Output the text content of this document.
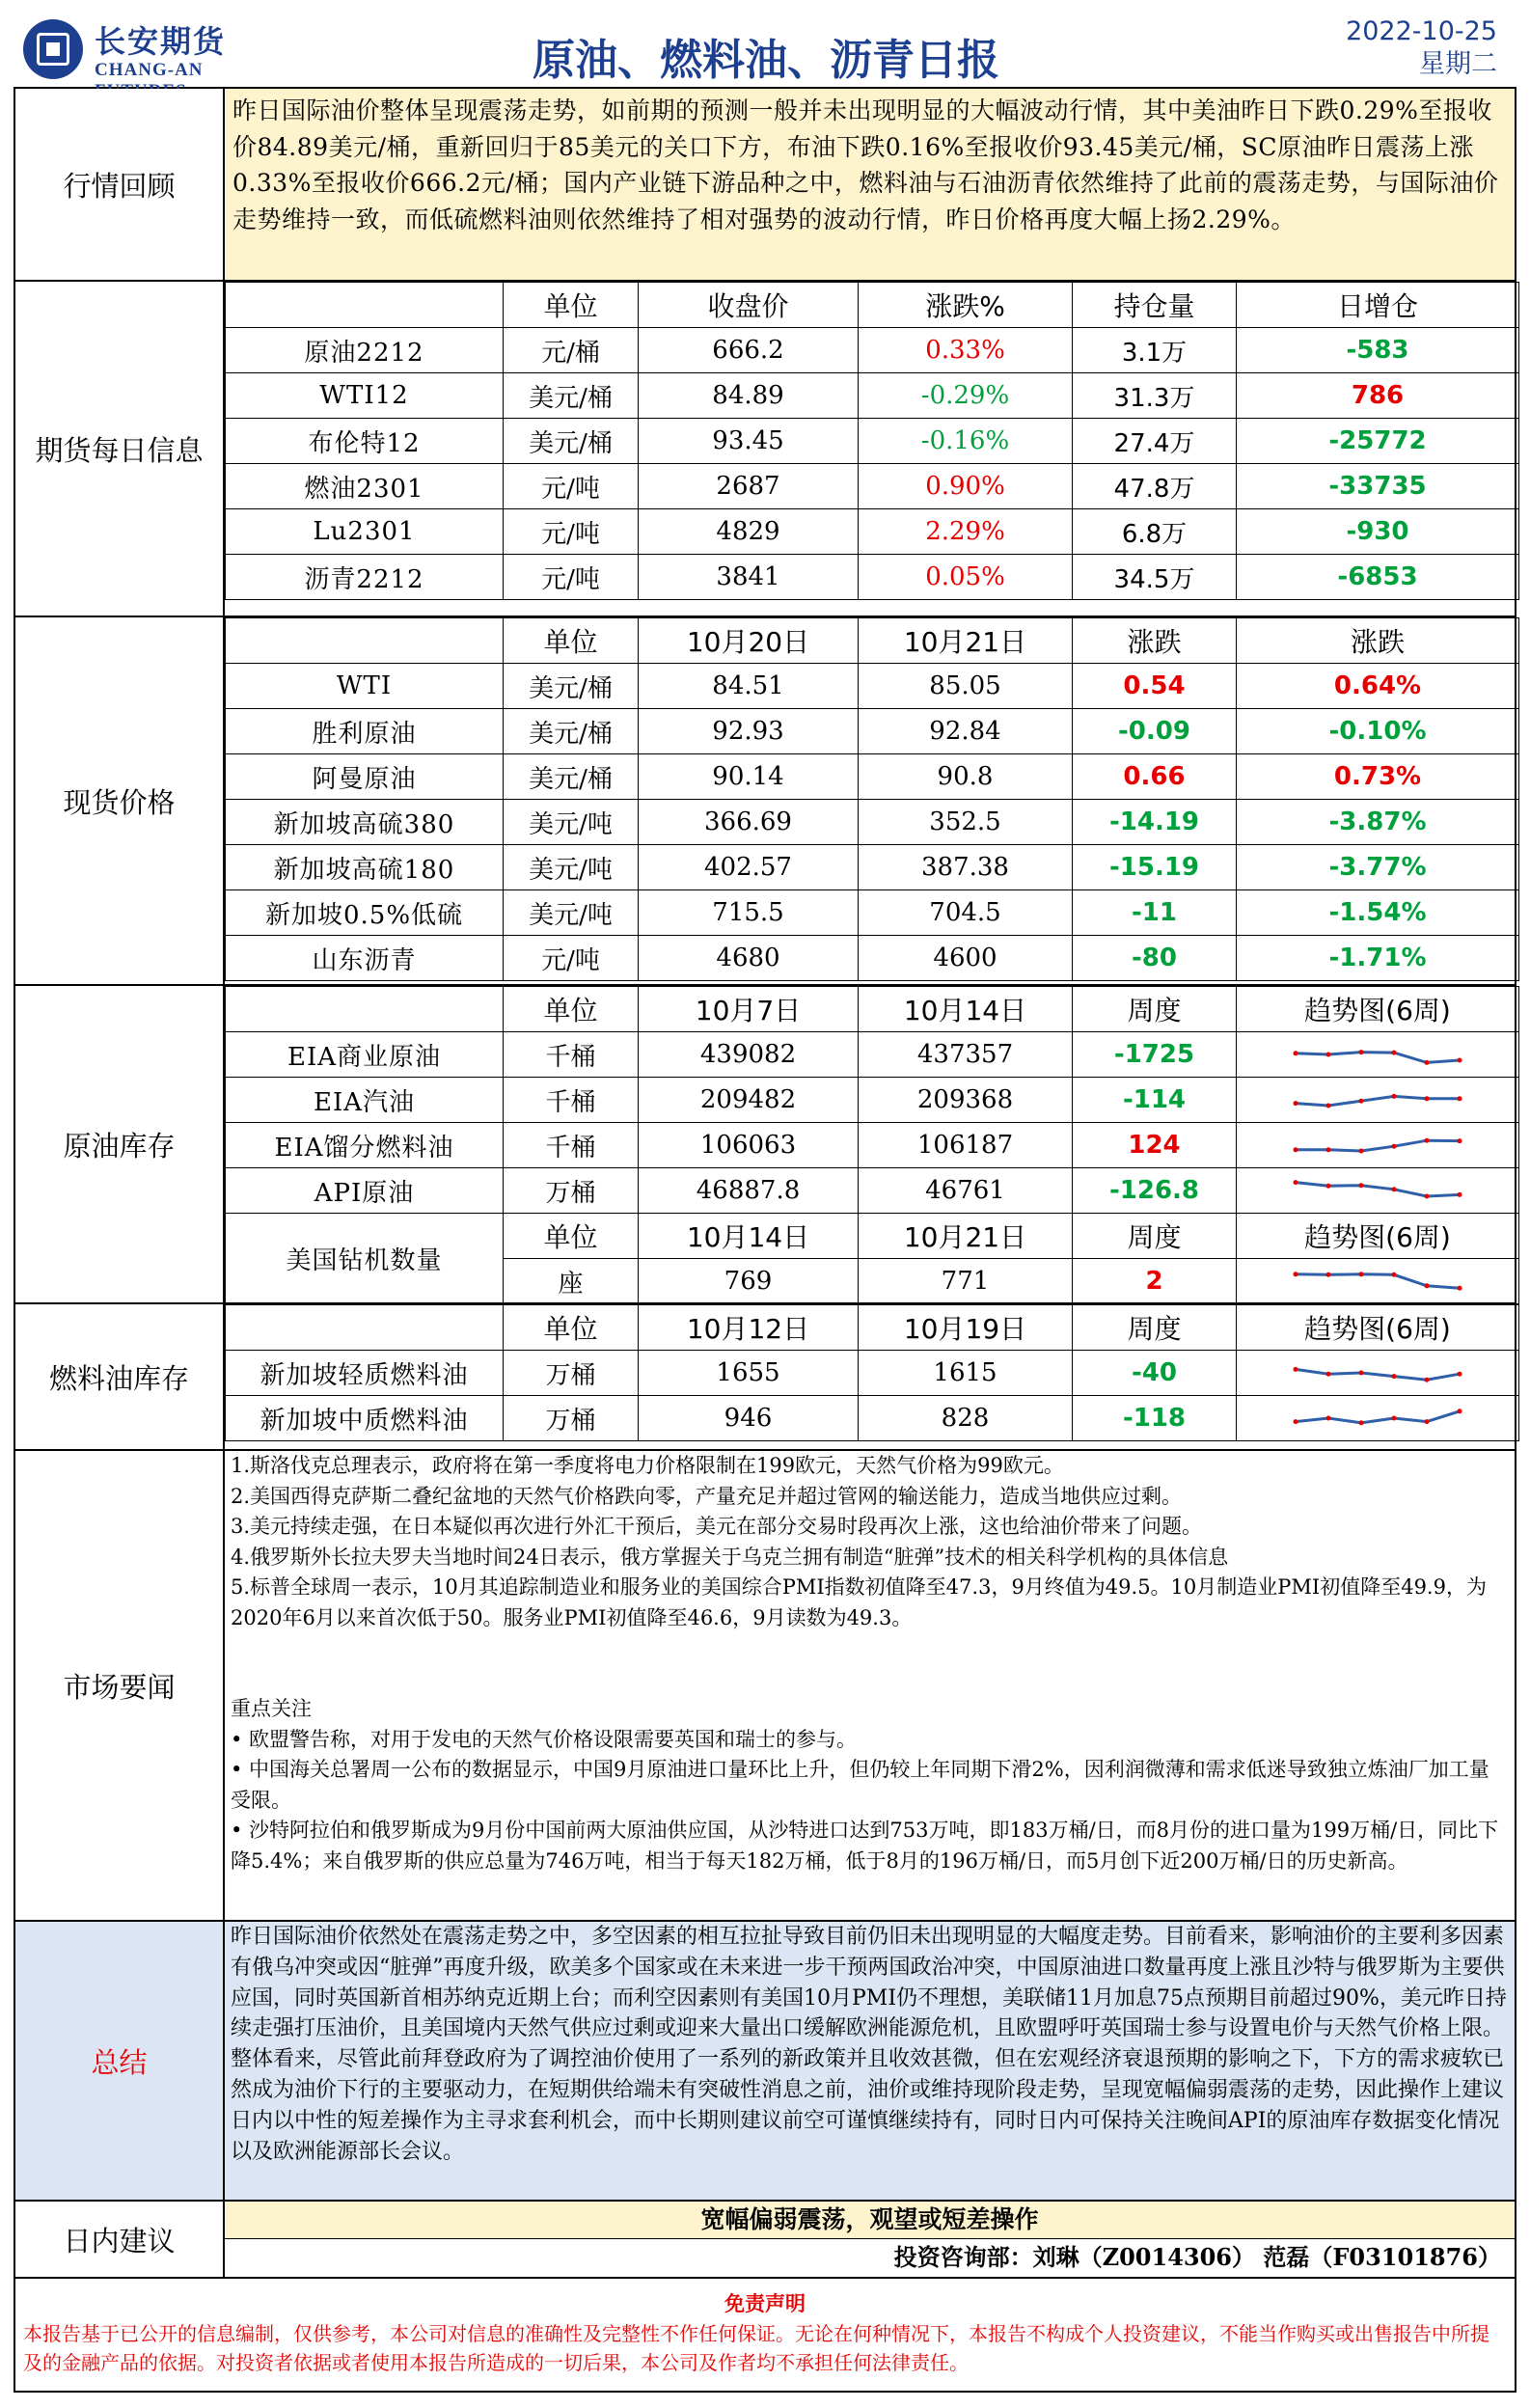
长安期货
CHANG-AN	原油、燃料油、沥青日报
2022-10-25
星期二
行情回顾
昨日国际油价整体呈现震荡走势，如前期的预测一般并未出现明显的大幅波动行情，其中美油昨日下跌0.29%至报收价84.89美元/桶，重新回归于85美元的关口下方，布油下跌0.16%至报收价93.45美元/桶，SC原油昨日震荡上涨0.33%至报收价666.2元/桶；国内产业链下游品种之中，燃料油与石油沥青依然维持了此前的震荡走势，与国际油价走势维持一致，而低硫燃料油则依然维持了相对强势的波动行情，昨日价格再度大幅上扬2.29%。
期货每日信息
	单位	收盘价	涨跌%	持仓量	日增仓
原油2212	元/桶	666.2	0.33%	3.1万	-583
WTI12	美元/桶	84.89	-0.29%	31.3万	786
布伦特12	美元/桶	93.45	-0.16%	27.4万	-25772
燃油2301	元/吨	2687	0.90%	47.8万	-33735
Lu2301	元/吨	4829	2.29%	6.8万	-930
沥青2212	元/吨	3841	0.05%	34.5万	-6853
现货价格
	单位	10月20日	10月21日	涨跌	涨跌
WTI	美元/桶	84.51	85.05	0.54	0.64%
胜利原油	美元/桶	92.93	92.84	-0.09	-0.10%
阿曼原油	美元/桶	90.14	90.8	0.66	0.73%
新加坡高硫380	美元/吨	366.69	352.5	-14.19	-3.87%
新加坡高硫180	美元/吨	402.57	387.38	-15.19	-3.77%
新加坡0.5%低硫	美元/吨	715.5	704.5	-11	-1.54%
山东沥青	元/吨	4680	4600	-80	-1.71%
原油库存
	单位	10月7日	10月14日	周度	趋势图(6周)
EIA商业原油	千桶	439082	437357	-1725	

EIA汽油	千桶	209482	209368	-114	

EIA馏分燃料油	千桶	106063	106187	124	

API原油	万桶	46887.8	46761	-126.8	

美国钻机数量	单位	10月14日	10月21日	周度	趋势图(6周)
	座	769	771	2	
燃料油库存
	单位	10月12日	10月19日	周度	趋势图(6周)
新加坡轻质燃料油	万桶	1655	1615	-40	

新加坡中质燃料油	万桶	946	828	-118	
市场要闻

1.斯洛伐克总理表示，政府将在第一季度将电力价格限制在199欧元，天然气价格为99欧元。

2.美国西得克萨斯二叠纪盆地的天然气价格跌向零，产量充足并超过管网的输送能力，造成当地供应过剩。

3.美元持续走强，在日本疑似再次进行外汇干预后，美元在部分交易时段再次上涨，这也给油价带来了问题。

4.俄罗斯外长拉夫罗夫当地时间24日表示，俄方掌握关于乌克兰拥有制造“脏弹”技术的相关科学机构的具体信息

5.标普全球周一表示，10月其追踪制造业和服务业的美国综合PMI指数初值降至47.3，9月终值为49.5。10月制造业PMI初值降至49.9，为2020年6月以来首次低于50。服务业PMI初值降至46.6，9月读数为49.3。

重点关注

• 欧盟警告称，对用于发电的天然气价格设限需要英国和瑞士的参与。

• 中国海关总署周一公布的数据显示，中国9月原油进口量环比上升，但仍较上年同期下滑2%，因利润微薄和需求低迷导致独立炼油厂加工量受限。

• 沙特阿拉伯和俄罗斯成为9月份中国前两大原油供应国，从沙特进口达到753万吨，即183万桶/日，而8月份的进口量为199万桶/日，同比下降5.4%；来自俄罗斯的供应总量为746万吨，相当于每天182万桶，低于8月的196万桶/日，而5月创下近200万桶/日的历史新高。

总结
昨日国际油价依然处在震荡走势之中，多空因素的相互拉扯导致目前仍旧未出现明显的大幅度走势。目前看来，影响油价的主要利多因素有俄乌冲突或因“脏弹”再度升级，欧美多个国家或在未来进一步干预两国政治冲突，中国原油进口数量再度上涨且沙特与俄罗斯为主要供应国，同时英国新首相苏纳克近期上台；而利空因素则有美国10月PMI仍不理想，美联储11月加息75点预期目前超过90%，美元昨日持续走强打压油价，且美国境内天然气供应过剩或迎来大量出口缓解欧洲能源危机，且欧盟呼吁英国瑞士参与设置电价与天然气价格上限。整体看来，尽管此前拜登政府为了调控油价使用了一系列的新政策并且收效甚微，但在宏观经济衰退预期的影响之下，下方的需求疲软已然成为油价下行的主要驱动力，在短期供给端未有突破性消息之前，油价或维持现阶段走势，呈现宽幅偏弱震荡的走势，因此操作上建议日内以中性的短差操作为主寻求套利机会，而中长期则建议前空可谨慎继续持有，同时日内可保持关注晚间API的原油库存数据变化情况以及欧洲能源部长会议。
日内建议
宽幅偏弱震荡，观望或短差操作
投资咨询部：刘琳（Z0014306） 范磊（F03101876）
免责声明
本报告基于已公开的信息编制，仅供参考，本公司对信息的准确性及完整性不作任何保证。无论在何种情况下，本报告不构成个人投资建议，不能当作购买或出售报告中所提及的金融产品的依据。对投资者依据或者使用本报告所造成的一切后果，本公司及作者均不承担任何法律责任。
